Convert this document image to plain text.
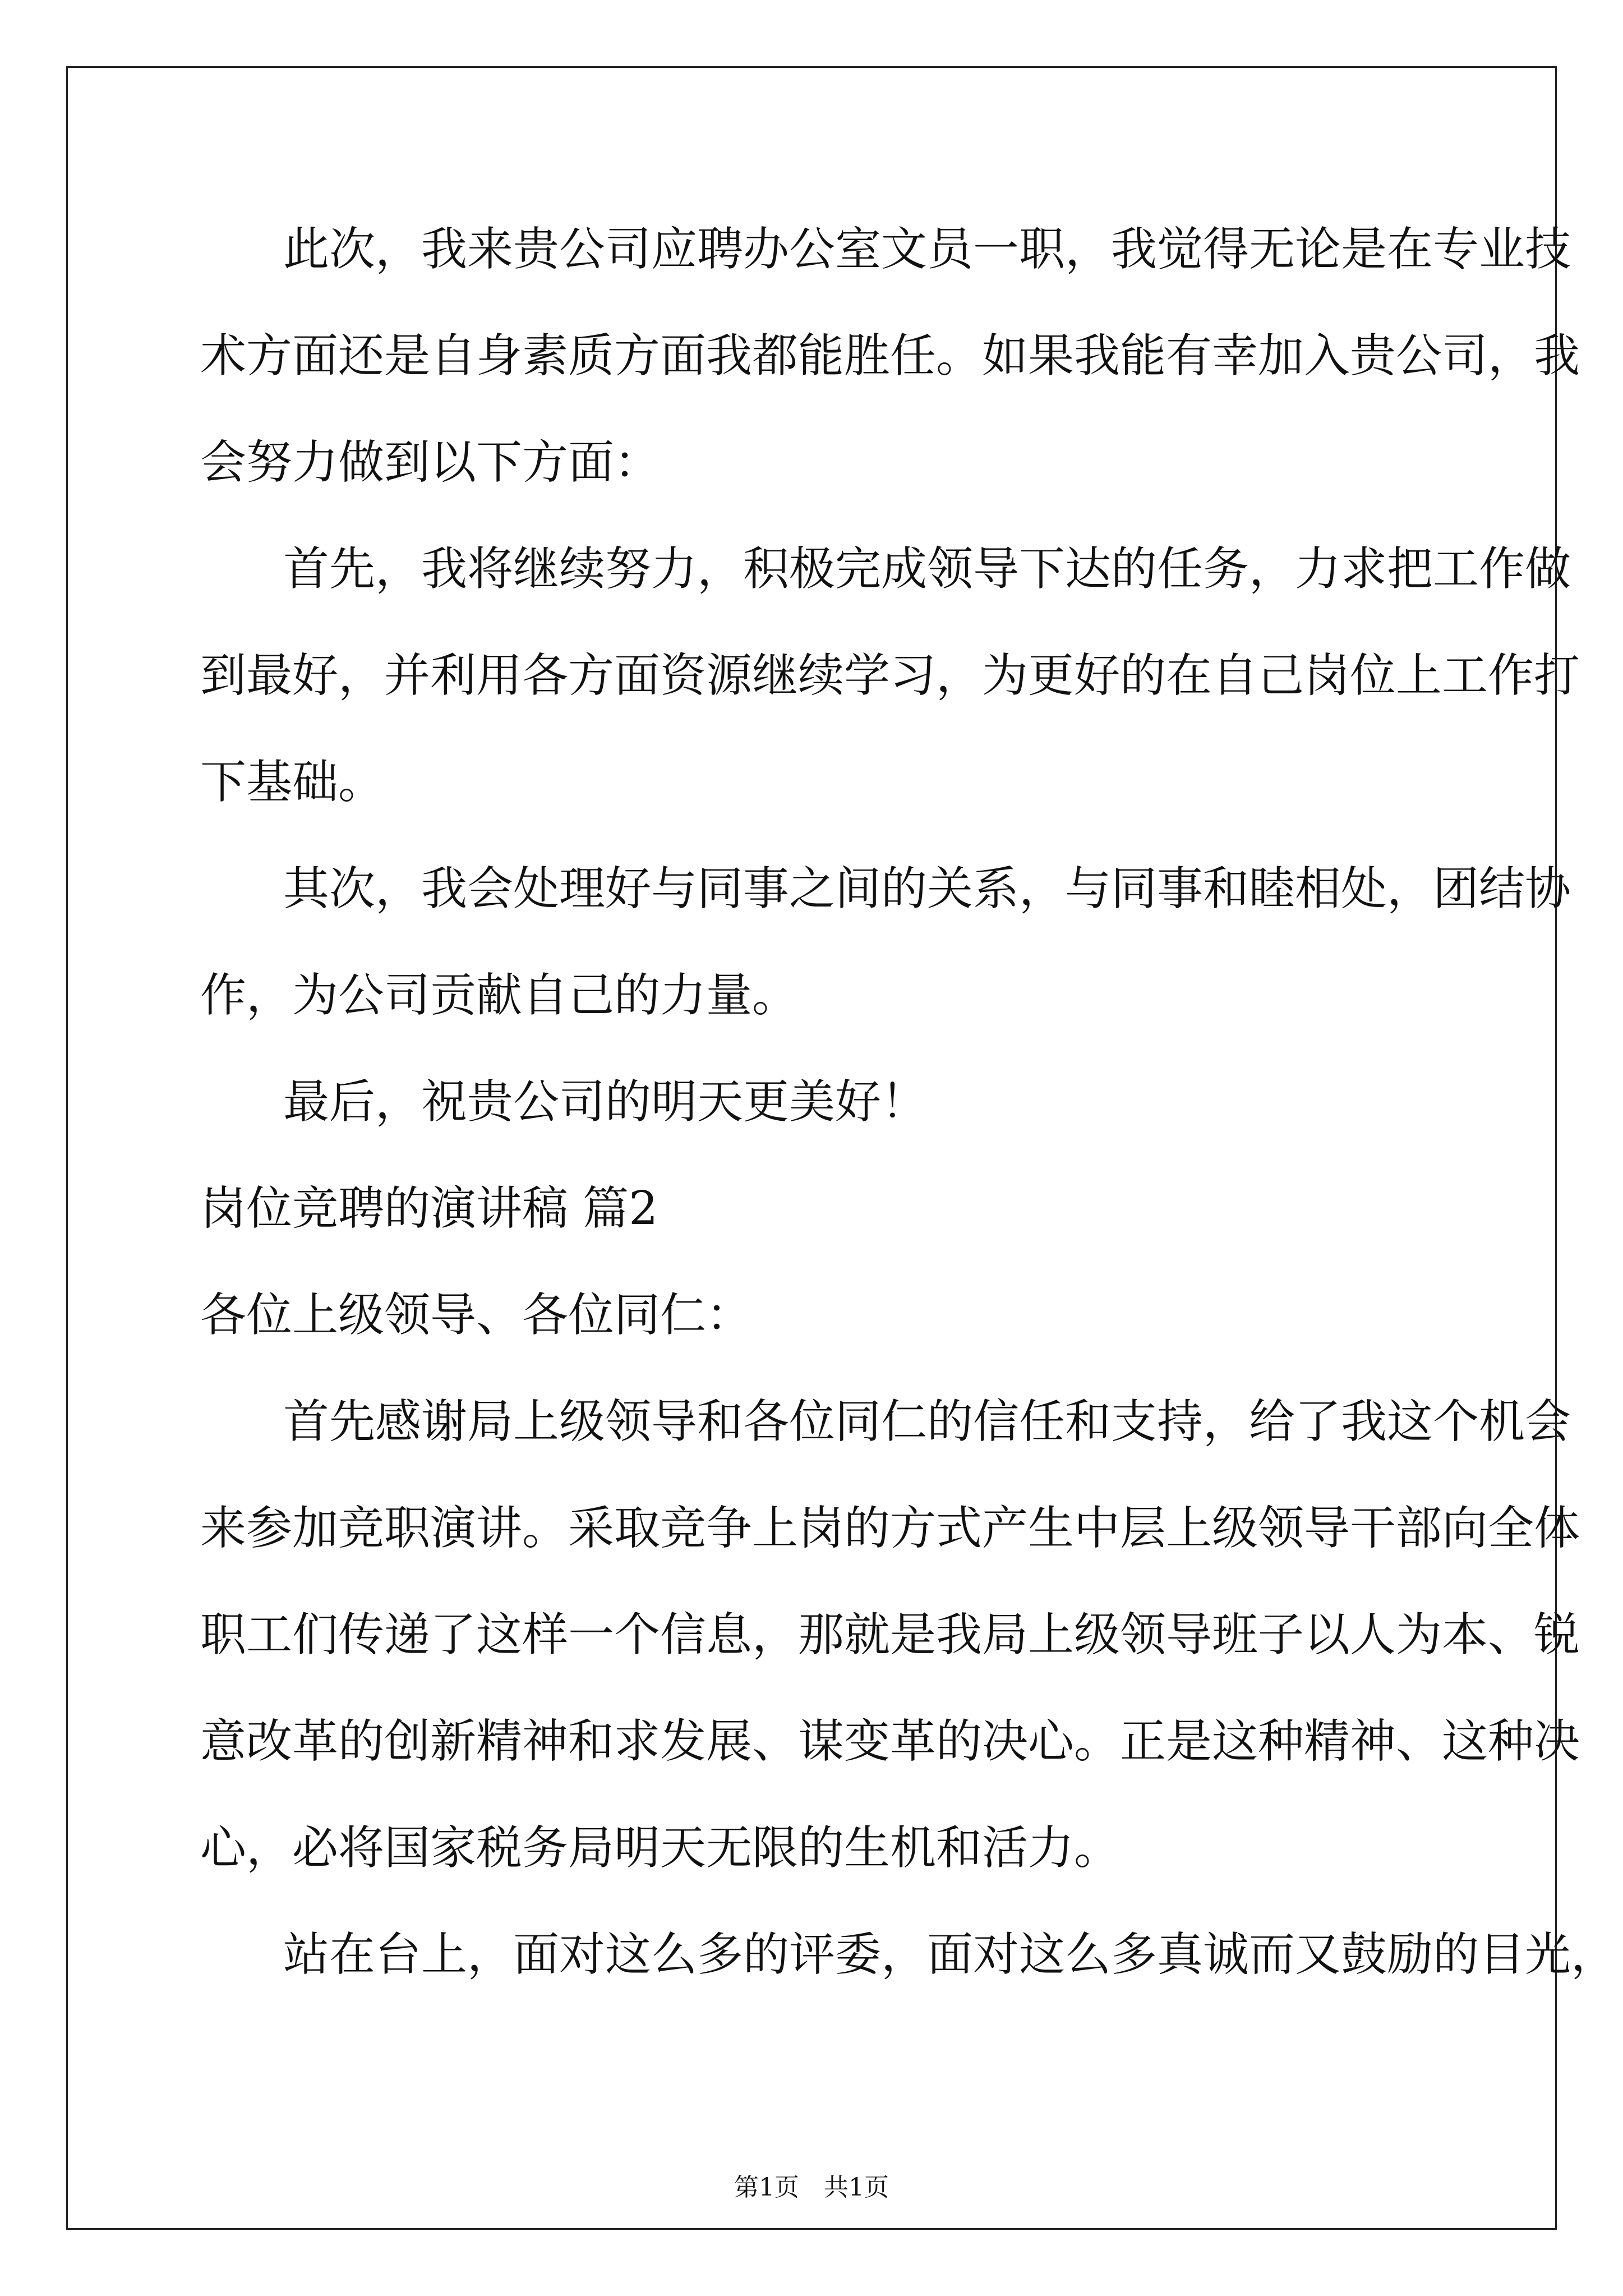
此次，我来贵公司应聘办公室文员一职，我觉得无论是在专业技
术方面还是自身素质方面我都能胜任。如果我能有幸加入贵公司，我
会努力做到以下方面：
首先，我将继续努力，积极完成领导下达的任务，力求把工作做
到最好，并利用各方面资源继续学习，为更好的在自己岗位上工作打
下基础。
其次，我会处理好与同事之间的关系，与同事和睦相处，团结协
作，为公司贡献自己的力量。
最后，祝贵公司的明天更美好！
岗位竞聘的演讲稿 篇2
各位上级领导、各位同仁：
首先感谢局上级领导和各位同仁的信任和支持，给了我这个机会
来参加竞职演讲。采取竞争上岗的方式产生中层上级领导干部向全体
职工们传递了这样一个信息，那就是我局上级领导班子以人为本、锐
意改革的创新精神和求发展、谋变革的决心。正是这种精神、这种决
心，必将国家税务局明天无限的生机和活力。
站在台上，面对这么多的评委，面对这么多真诚而又鼓励的目光，
第1页　共1页
